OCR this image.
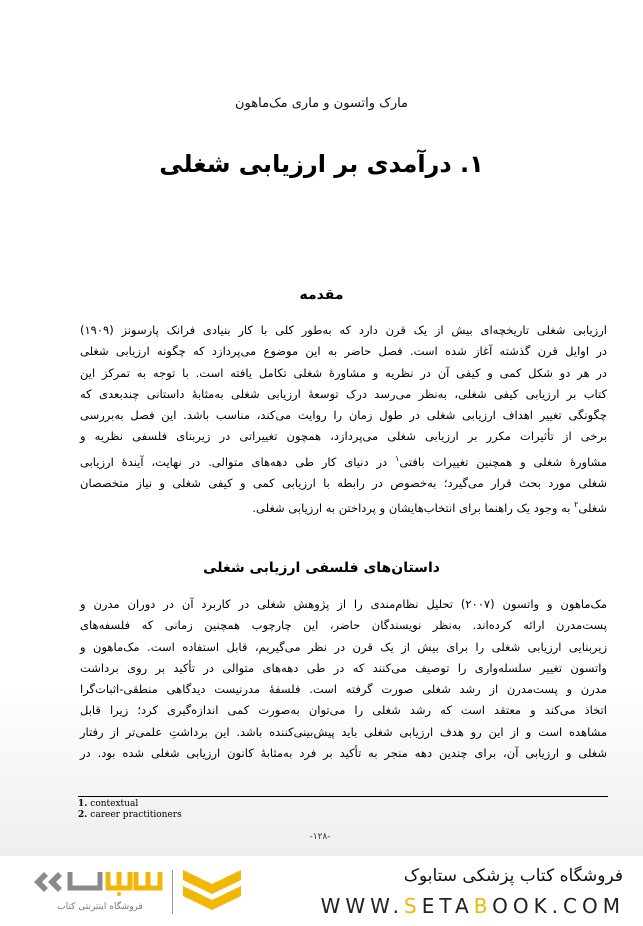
مارک واتسون و ماری مک‌ماهون
۱. درآمدی بر ارزیابی شغلی
مقدمه
ارزیابی شغلی تاریخچه‌ای بیش از یک قرن دارد که به‌طور کلی با کار بنیادی فرانک پارسونز (۱۹۰۹)
در اوایل قرن گذشته آغاز شده است. فصل حاضر به این موضوع می‌پردازد که چگونه ارزیابی شغلی
در هر دو شکل کمی و کیفی آن در نظریه و مشاورهٔ شغلی تکامل یافته است. با توجه به تمرکز این
کتاب بر ارزیابی کیفی شغلی، به‌نظر می‌رسد درک توسعهٔ ارزیابی شغلی به‌مثابهٔ داستانی چندبعدی که
چگونگی تغییر اهداف ارزیابی شغلی در طول زمان را روایت می‌کند، مناسب باشد. این فصل به‌بررسی
برخی از تأثیرات مکرر بر ارزیابی شغلی می‌پردازد، همچون تغییراتی در زیربنای فلسفی نظریه و
مشاورهٔ شغلی و همچنین تغییرات بافتی$^۱$ در دنیای کار طی دهه‌های متوالی. در نهایت، آیندهٔ ارزیابی
شغلی مورد بحث قرار می‌گیرد؛ به‌خصوص در رابطه با ارزیابی کمی و کیفی شغلی و نیاز متخصصان
شغلی$^۲$ به وجود یک راهنما برای انتخاب‌هایشان و پرداختن به ارزیابی شغلی.
داستان‌های فلسفی ارزیابی شغلی
مک‌ماهون و واتسون (۲۰۰۷) تحلیل نظام‌مندی را از پژوهش شغلی در کاربرد آن در دوران مدرن و
پست‌مدرن ارائه کرده‌اند. به‌نظر نویسندگان حاضر، این چارچوب همچنین زمانی که فلسفه‌های
زیربنایی ارزیابی شغلی را برای بیش از یک قرن در نظر می‌گیریم، قابل استفاده است. مک‌ماهون و
واتسون تغییر سلسله‌واری را توصیف می‌کنند که در طی دهه‌های متوالی در تأکید بر روی برداشت
مدرن و پست‌مدرن از رشد شغلی صورت گرفته است. فلسفهٔ مدرنیست دیدگاهی منطقی-اثبات‌گرا
اتخاذ می‌کند و معتقد است که رشد شغلی را می‌توان به‌صورت کمی اندازه‌گیری کرد؛ زیرا قابل
مشاهده است و از این رو هدف ارزیابی شغلی باید پیش‌بینی‌کننده باشد. این برداشتِ علمی‌تر از رفتار
شغلی و ارزیابی آن، برای چندین دهه منجر به تأکید بر فرد به‌مثابهٔ کانون ارزیابی شغلی شده بود. در
1. contextual
2. career practitioners
-۱۲۸-
فروشگاه اینترنتی کتاب
فروشگاه کتاب پزشکی ستابوک
WWW.SETABOOK.COM
